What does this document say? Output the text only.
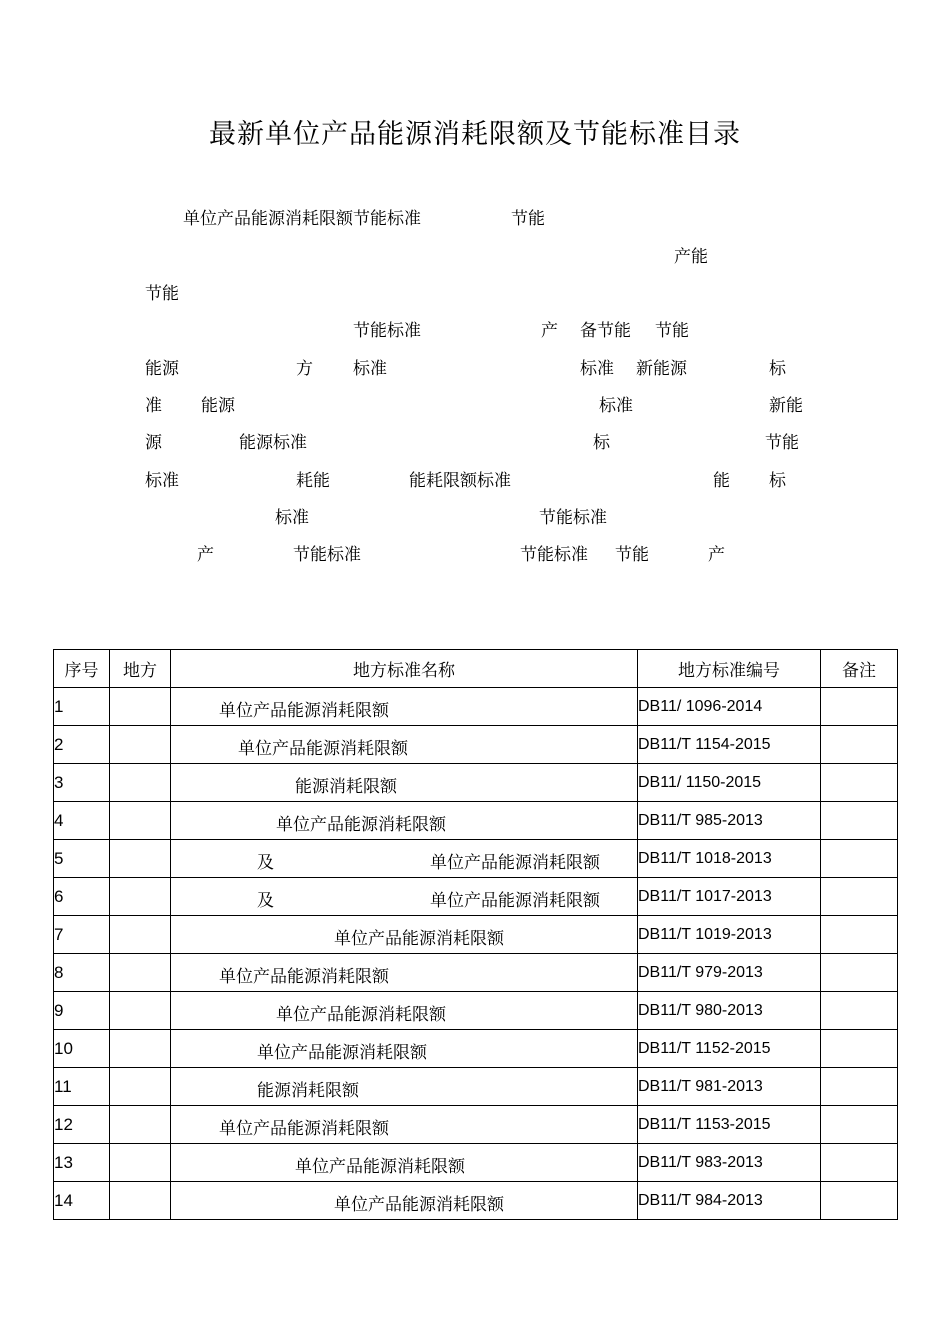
最新单位产品能源消耗限额及节能标准目录
单位产品能源消耗限额节能标准	节能
产能
节能
节能标准	产 备节能 节能
能源	方 标准	标准 新能源	标
准 能源	标准	新能
源	能源标准	标	节能
标准	耗能	能耗限额标准	能 标
标准	节能标准
产	节能标准	节能标准 节能	产
序号	地方	地方标准名称	地方标准编号	备注
1		单位产品能源消耗限额	DB11/ 1096-2014	
2		单位产品能源消耗限额	DB11/T 1154-2015	
3		能源消耗限额	DB11/ 1150-2015	
4		单位产品能源消耗限额	DB11/T 985-2013	
5		及 单位产品能源消耗限额	DB11/T 1018-2013	
6		及 单位产品能源消耗限额	DB11/T 1017-2013	
7		单位产品能源消耗限额	DB11/T 1019-2013	
8		单位产品能源消耗限额	DB11/T 979-2013	
9		单位产品能源消耗限额	DB11/T 980-2013	
10		单位产品能源消耗限额	DB11/T 1152-2015	
11		能源消耗限额	DB11/T 981-2013	
12		单位产品能源消耗限额	DB11/T 1153-2015	
13		单位产品能源消耗限额	DB11/T 983-2013	
14		单位产品能源消耗限额	DB11/T 984-2013	
